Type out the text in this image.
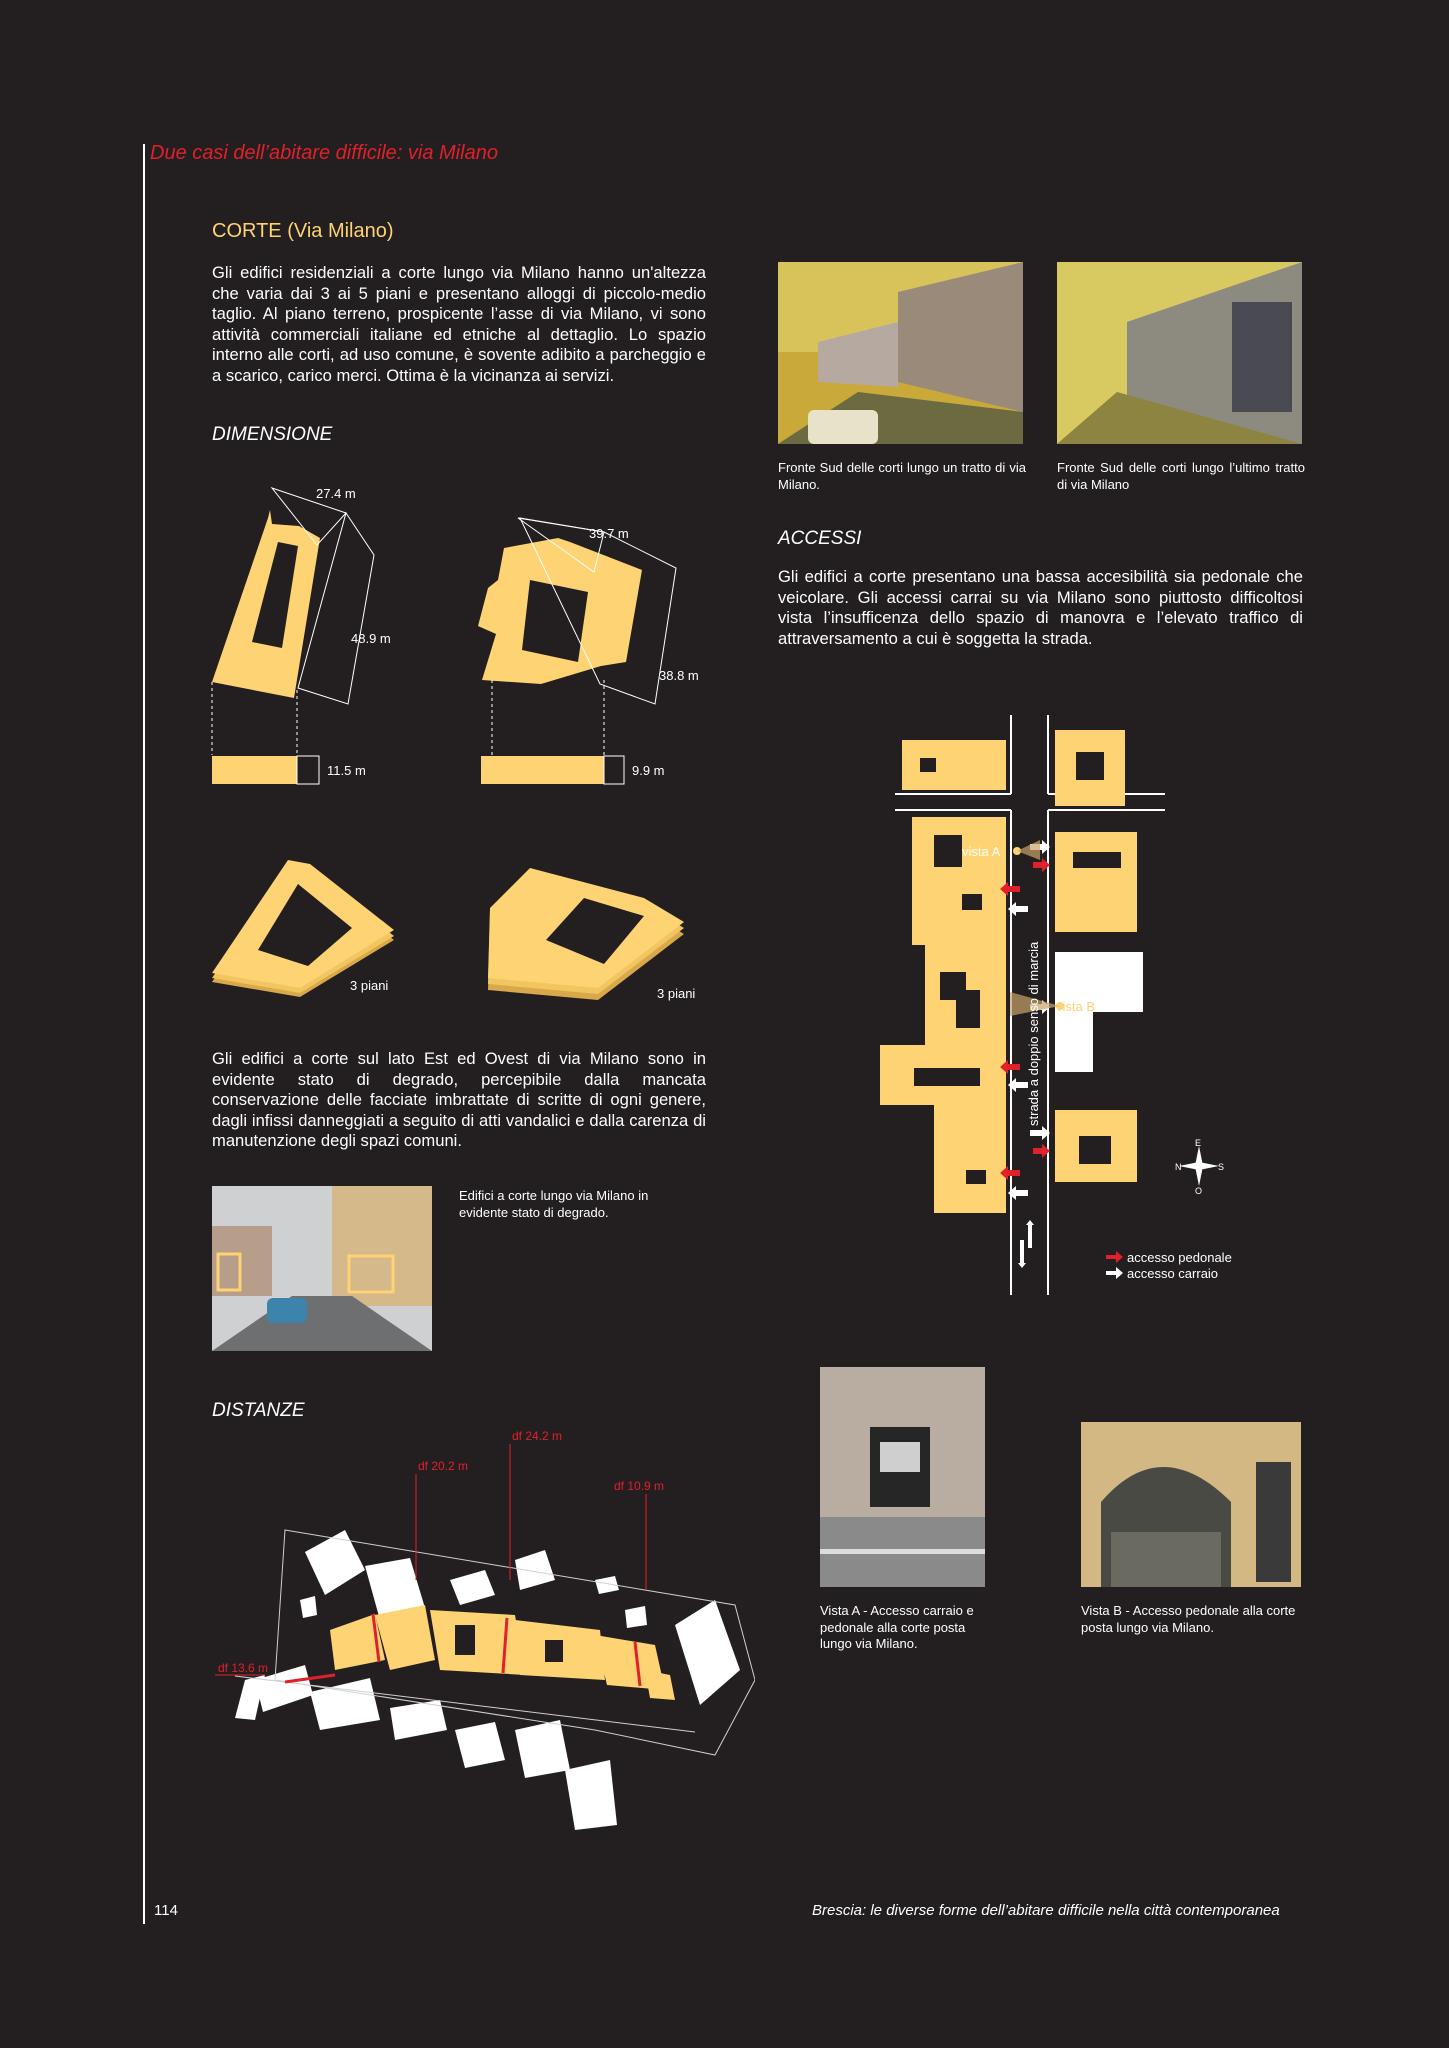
Due casi dell’abitare difficile: via Milano
CORTE (Via Milano)
Gli edifici residenziali a corte lungo via Milano hanno un'altezza che varia dai 3 ai 5 piani e presentano alloggi di piccolo-medio taglio. Al piano terreno, prospicente l’asse di via Milano, vi sono attività commerciali italiane ed etniche al dettaglio. Lo spazio interno alle corti, ad uso comune, è sovente adibito a parcheggio e a scarico, carico merci. Ottima è la vicinanza ai servizi.
DIMENSIONE
27.4 m
48.9 m
11.5 m
39.7 m
38.8 m
9.9 m
3 piani
3 piani
Gli edifici a corte sul lato Est ed Ovest di via Milano sono in evidente stato di degrado, percepibile dalla mancata conservazione delle facciate imbrattate di scritte di ogni genere, dagli infissi danneggiati a seguito di atti vandalici e dalla carenza di manutenzione degli spazi comuni.
Edifici a corte lungo via Milano in evidente stato di degrado.
DISTANZE
df 20.2 m
df 24.2 m
df 10.9 m
df 13.6 m
Fronte Sud delle corti lungo un tratto di via Milano.
Fronte Sud delle corti lungo l’ultimo tratto di via Milano
ACCESSI
Gli edifici a corte presentano una bassa accesibilità sia pedonale che veicolare. Gli accessi carrai su via Milano sono piuttosto difficoltosi vista l’insufficenza dello spazio di manovra e l’elevato traffico di attraversamento a cui è soggetta la strada.
vista A
vista B
strada a doppio senso di marcia
E
O
N	S
accesso pedonale
accesso carraio
Vista A - Accesso carraio e pedonale alla corte posta lungo via Milano.
Vista B - Accesso pedonale alla corte posta lungo via Milano.
114	Brescia: le diverse forme dell’abitare difficile nella città contemporanea
